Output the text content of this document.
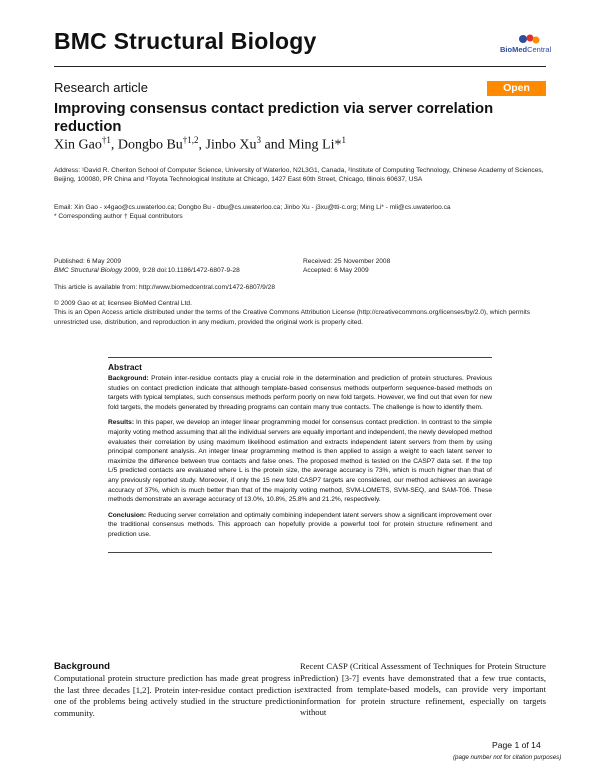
BMC Structural Biology	BioMedCentral
Research article	Open Access
Improving consensus contact prediction via server correlation reduction
Xin Gao$^{\dagger 1}$, Dongbo Bu$^{\dagger 1,2}$, Jinbo Xu$^3$ and Ming Li*$^1$
Address: ¹David R. Cheriton School of Computer Science, University of Waterloo, N2L3G1, Canada, ²Institute of Computing Technology, Chinese Academy of Sciences, Beijing, 100080, PR China and ³Toyota Technological Institute at Chicago, 1427 East 60th Street, Chicago, Illinois 60637, USA
Email: Xin Gao - x4gao@cs.uwaterloo.ca; Dongbo Bu - dbu@cs.uwaterloo.ca; Jinbo Xu - j3xu@tti-c.org; Ming Li* - mli@cs.uwaterloo.ca
* Corresponding author † Equal contributors
Published: 6 May 2009
BMC Structural Biology 2009, 9:28 doi:10.1186/1472-6807-9-28
Received: 25 November 2008
Accepted: 6 May 2009
This article is available from: http://www.biomedcentral.com/1472-6807/9/28
© 2009 Gao et al; licensee BioMed Central Ltd.
This is an Open Access article distributed under the terms of the Creative Commons Attribution License (http://creativecommons.org/licenses/by/2.0), which permits unrestricted use, distribution, and reproduction in any medium, provided the original work is properly cited.
Abstract

Background: Protein inter-residue contacts play a crucial role in the determination and prediction of protein structures. Previous studies on contact prediction indicate that although template-based consensus methods outperform sequence-based methods on targets with typical templates, such consensus methods perform poorly on new fold targets. However, we find out that even for new fold targets, the models generated by threading programs can contain many true contacts. The challenge is how to identify them.

Results: In this paper, we develop an integer linear programming model for consensus contact prediction. In contrast to the simple majority voting method assuming that all the individual servers are equally important and independent, the newly developed method evaluates their correlation by using maximum likelihood estimation and extracts independent latent servers from them by using principal component analysis. An integer linear programming method is then applied to assign a weight to each latent server to maximize the difference between true contacts and false ones. The proposed method is tested on the CASP7 data set. If the top L/5 predicted contacts are evaluated where L is the protein size, the average accuracy is 73%, which is much higher than that of any previously reported study. Moreover, if only the 15 new fold CASP7 targets are considered, our method achieves an average accuracy of 37%, which is much better than that of the majority voting method, SVM-LOMETS, SVM-SEQ, and SAM-T06. These methods demonstrate an average accuracy of 13.0%, 10.8%, 25.8% and 21.2%, respectively.

Conclusion: Reducing server correlation and optimally combining independent latent servers show a significant improvement over the traditional consensus methods. This approach can hopefully provide a powerful tool for protein structure refinement and prediction use.

Background
Computational protein structure prediction has made great progress in the last three decades [1,2]. Protein inter-residue contact prediction is one of the problems being actively studied in the structure prediction community.
Recent CASP (Critical Assessment of Techniques for Protein Structure Prediction) [3-7] events have demonstrated that a few true contacts, extracted from template-based models, can provide very important information for protein structure refinement, especially on targets without
Page 1 of 14
(page number not for citation purposes)
